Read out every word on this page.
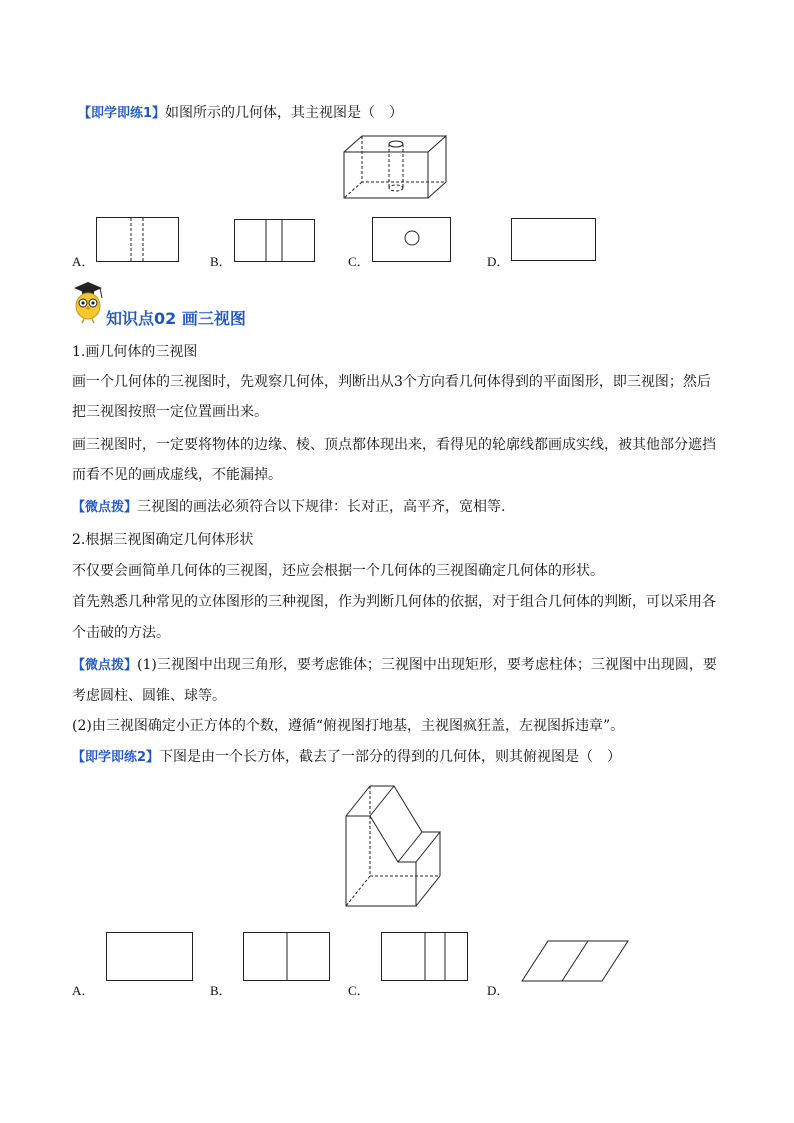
【即学即练1】如图所示的几何体，其主视图是（　）
A．	B．	C．	D．
知识点02 画三视图
1.画几何体的三视图
画一个几何体的三视图时，先观察几何体，判断出从3个方向看几何体得到的平面图形，即三视图；然后
把三视图按照一定位置画出来。
画三视图时，一定要将物体的边缘、棱、顶点都体现出来，看得见的轮廓线都画成实线，被其他部分遮挡
而看不见的画成虚线，不能漏掉。
【微点拨】三视图的画法必须符合以下规律：长对正，高平齐，宽相等.
2.根据三视图确定几何体形状
不仅要会画简单几何体的三视图，还应会根据一个几何体的三视图确定几何体的形状。
首先熟悉几种常见的立体图形的三种视图，作为判断几何体的依据，对于组合几何体的判断，可以采用各
个击破的方法。
【微点拨】(1)三视图中出现三角形，要考虑锥体；三视图中出现矩形，要考虑柱体；三视图中出现圆，要
考虑圆柱、圆锥、球等。
(2)由三视图确定小正方体的个数，遵循“俯视图打地基，主视图疯狂盖，左视图拆违章”。
【即学即练2】下图是由一个长方体，截去了一部分的得到的几何体，则其俯视图是（　）
A．	B．	C．	D．
